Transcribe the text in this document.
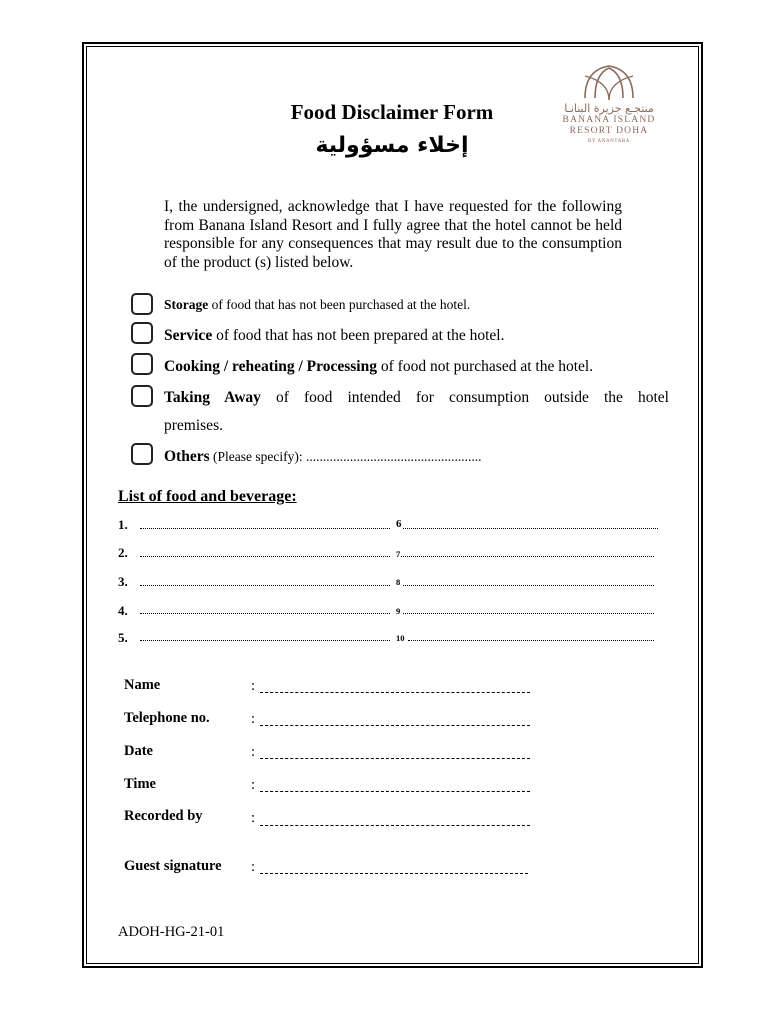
Food Disclaimer Form
إخلاء مسؤولية
منتجـع جزيرة البنانـا
BANANA ISLAND
RESORT DOHA
BY ANANTARA
I, the undersigned, acknowledge that I have requested for the following from Banana Island Resort and I fully agree that the hotel cannot be held responsible for any consequences that may result due to the consumption of the product (s) listed below.
Storage of food that has not been purchased at the hotel.
Service of food that has not been prepared at the hotel.
Cooking / reheating / Processing of food not purchased at the hotel.
Taking Away of food intended for consumption outside the hotel
premises.
Others (Please specify): ....................................................
List of food and beverage:
1.	6
2.	7
3.	8
4.	9
5.	10
Name	:
Telephone no.	:
Date	:
Time	:
Recorded by	:
Guest signature :
ADOH-HG-21-01
